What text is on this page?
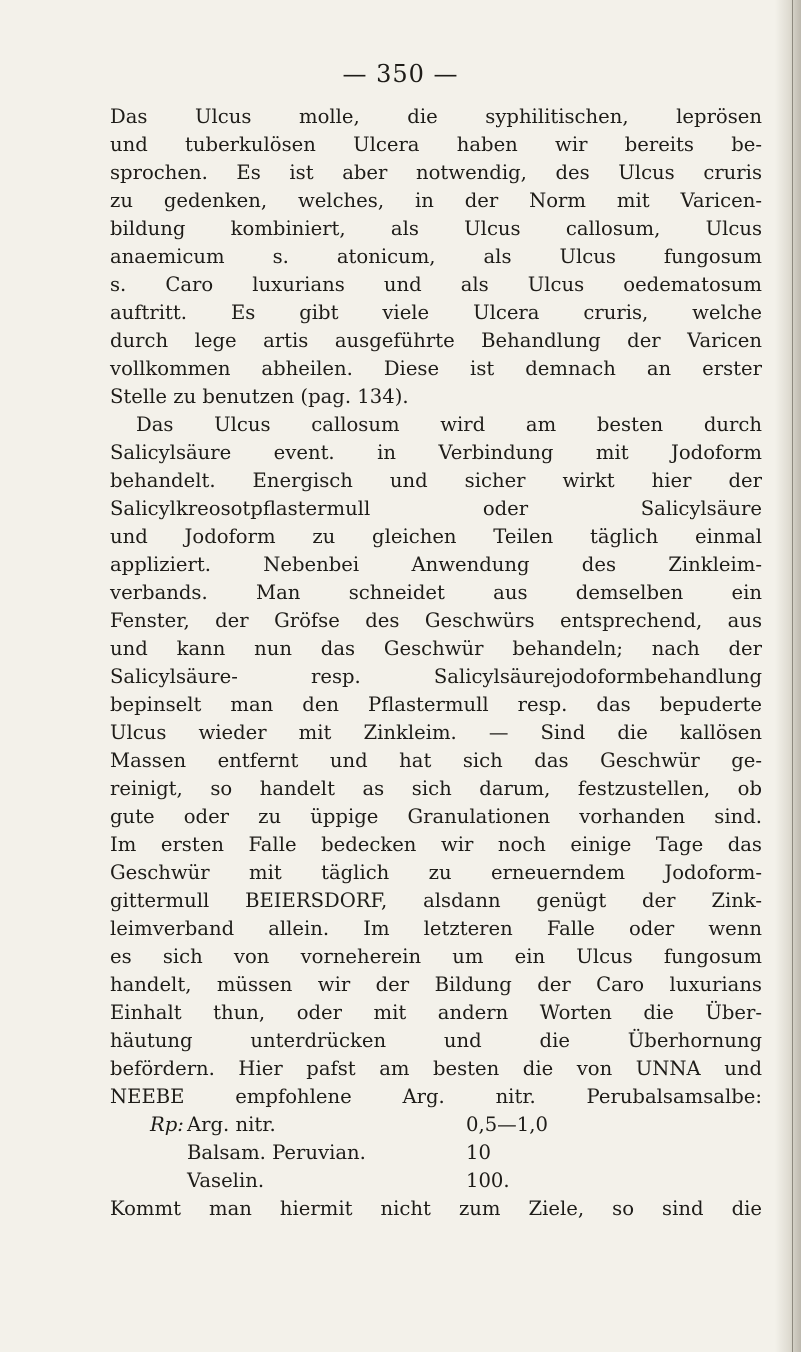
— 350 —
Das Ulcus molle, die syphilitischen, leprösen
und tuberkulösen Ulcera haben wir bereits be-
sprochen. Es ist aber notwendig, des Ulcus cruris
zu gedenken, welches, in der Norm mit Varicen-
bildung kombiniert, als Ulcus callosum, Ulcus
anaemicum s. atonicum, als Ulcus fungosum
s. Caro luxurians und als Ulcus oedematosum
auftritt. Es gibt viele Ulcera cruris, welche
durch lege artis ausgeführte Behandlung der Varicen
vollkommen abheilen. Diese ist demnach an erster
Stelle zu benutzen (pag. 134).
Das Ulcus callosum wird am besten durch
Salicylsäure event. in Verbindung mit Jodoform
behandelt. Energisch und sicher wirkt hier der
Salicylkreosotpflastermull oder Salicylsäure
und Jodoform zu gleichen Teilen täglich einmal
appliziert. Nebenbei Anwendung des Zinkleim-
verbands. Man schneidet aus demselben ein
Fenster, der Gröfse des Geschwürs entsprechend, aus
und kann nun das Geschwür behandeln; nach der
Salicylsäure- resp. Salicylsäurejodoformbehandlung
bepinselt man den Pflastermull resp. das bepuderte
Ulcus wieder mit Zinkleim. — Sind die kallösen
Massen entfernt und hat sich das Geschwür ge-
reinigt, so handelt as sich darum, festzustellen, ob
gute oder zu üppige Granulationen vorhanden sind.
Im ersten Falle bedecken wir noch einige Tage das
Geschwür mit täglich zu erneuerndem Jodoform-
gittermull BEIERSDORF, alsdann genügt der Zink-
leimverband allein. Im letzteren Falle oder wenn
es sich von vorneherein um ein Ulcus fungosum
handelt, müssen wir der Bildung der Caro luxurians
Einhalt thun, oder mit andern Worten die Über-
häutung unterdrücken und die Überhornung
befördern. Hier pafst am besten die von UNNA und
NEEBE empfohlene Arg. nitr. Perubalsamsalbe:
Rp: Arg. nitr.	0,5—1,0
Balsam. Peruvian.	10
Vaselin.	100.
Kommt man hiermit nicht zum Ziele, so sind die
